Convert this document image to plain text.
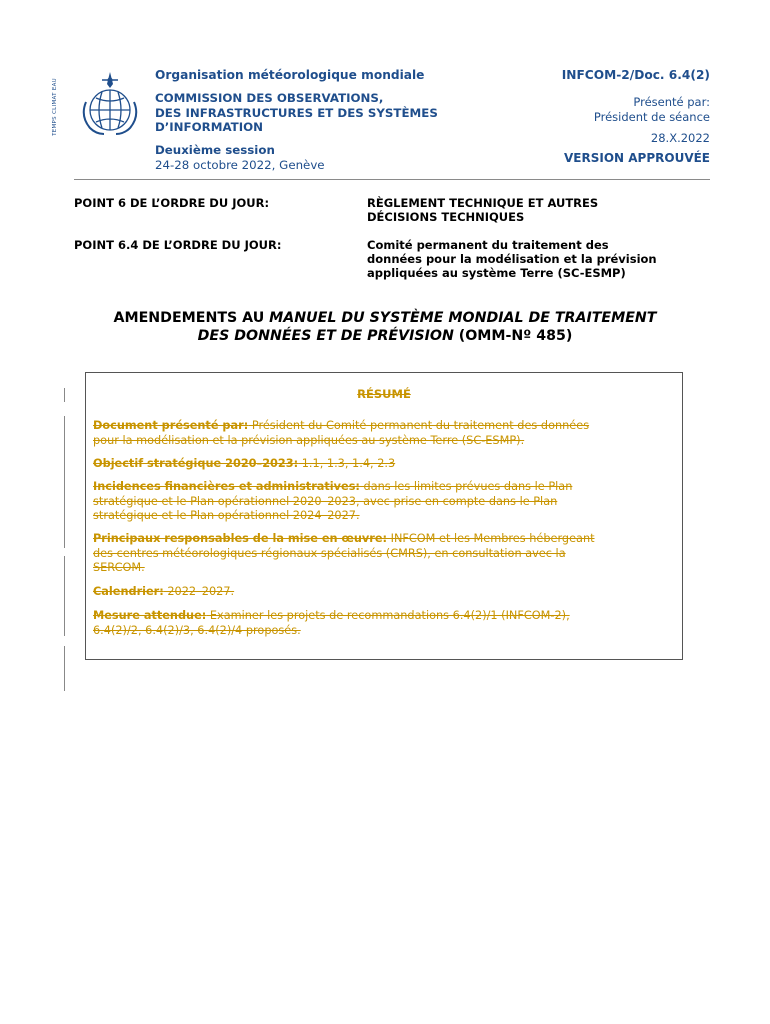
TEMPS CLIMAT EAU
Organisation météorologique mondiale
COMMISSION DES OBSERVATIONS,
DES INFRASTRUCTURES ET DES SYSTÈMES
D’INFORMATION
Deuxième session
24-28 octobre 2022, Genève
INFCOM-2/Doc. 6.4(2)
Présenté par:
Président de séance
28.X.2022
VERSION APPROUVÉE
POINT 6 DE L’ORDRE DU JOUR:	RÈGLEMENT TECHNIQUE ET AUTRES
DÉCISIONS TECHNIQUES
POINT 6.4 DE L’ORDRE DU JOUR:	Comité permanent du traitement des
données pour la modélisation et la prévision
appliquées au système Terre (SC-ESMP)
AMENDEMENTS AU MANUEL DU SYSTÈME MONDIAL DE TRAITEMENT
DES DONNÉES ET DE PRÉVISION (OMM-Nº 485)
RÉSUMÉ
Document présenté par: Président du Comité permanent du traitement des données
pour la modélisation et la prévision appliquées au système Terre (SC-ESMP).
Objectif stratégique 2020–2023: 1.1, 1.3, 1.4, 2.3
Incidences financières et administratives: dans les limites prévues dans le Plan
stratégique et le Plan opérationnel 2020–2023, avec prise en compte dans le Plan
stratégique et le Plan opérationnel 2024–2027.
Principaux responsables de la mise en œuvre: INFCOM et les Membres hébergeant
des centres météorologiques régionaux spécialisés (CMRS), en consultation avec la
SERCOM.
Calendrier: 2022–2027.
Mesure attendue: Examiner les projets de recommandations 6.4(2)/1 (INFCOM-2),
6.4(2)/2, 6.4(2)/3, 6.4(2)/4 proposés.
